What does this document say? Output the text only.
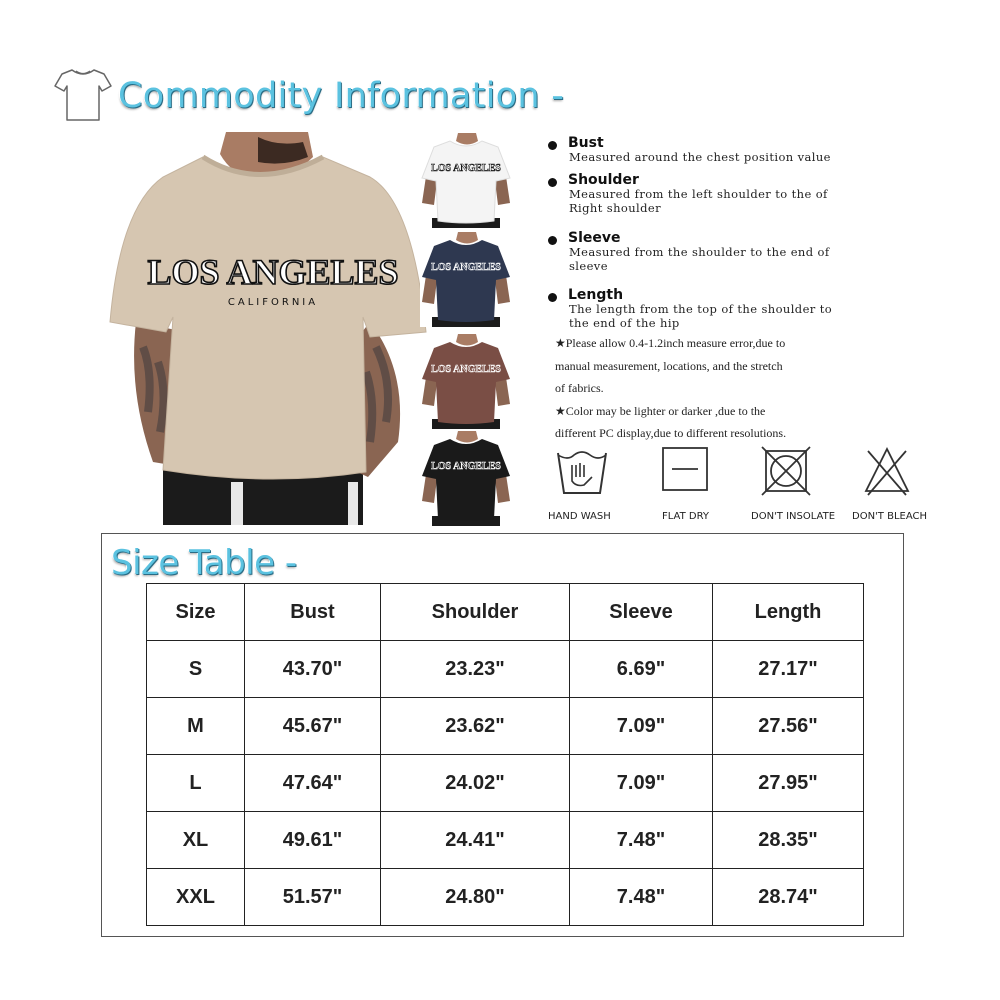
Commodity Information -
LOS ANGELES
CALIFORNIA
LOS ANGELES
LOS ANGELES
LOS ANGELES
LOS ANGELES
Bust
Measured around the chest position value
Shoulder
Measured from the left shoulder to the of Right shoulder
Sleeve
Measured from the shoulder to the end of sleeve
Length
The length from the top of the shoulder to the end of the hip
★Please allow 0.4-1.2inch measure error,due to
manual measurement, locations, and the stretch
of fabrics.
★Color may be lighter or darker ,due to the
different PC display,due to different resolutions.
HAND WASH	FLAT DRY	DON'T INSOLATE DON'T BLEACH
Size Table -
Size	Bust	Shoulder	Sleeve	Length
S	43.70"	23.23"	6.69"	27.17"
M	45.67"	23.62"	7.09"	27.56"
L	47.64"	24.02"	7.09"	27.95"
XL	49.61"	24.41"	7.48"	28.35"
XXL	51.57"	24.80"	7.48"	28.74"
